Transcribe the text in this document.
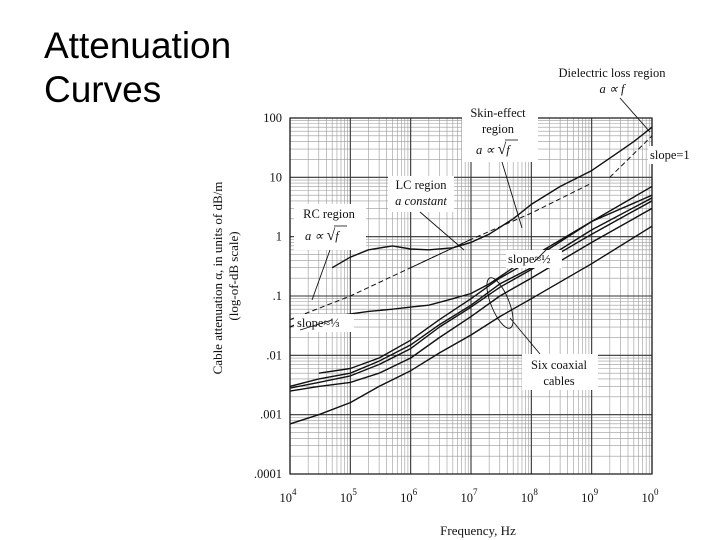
Attenuation
Curves
100
10
1
.1
.01
.001
.0001
$10^4$	$10^5$	$10^6$	$10^7$	$10^8$	$10^9$	$10^0$
Frequency, Hz
Cable attenuation α, in units of dB/m (log-of-dB scale)
Dielectric loss region
a ∝ f
Skin-effect
region
a ∝ √f
LC region
a constant
RC region
a ∝ √f
slope=1
slope≈½
slope≈⅓
Six coaxial
cables
